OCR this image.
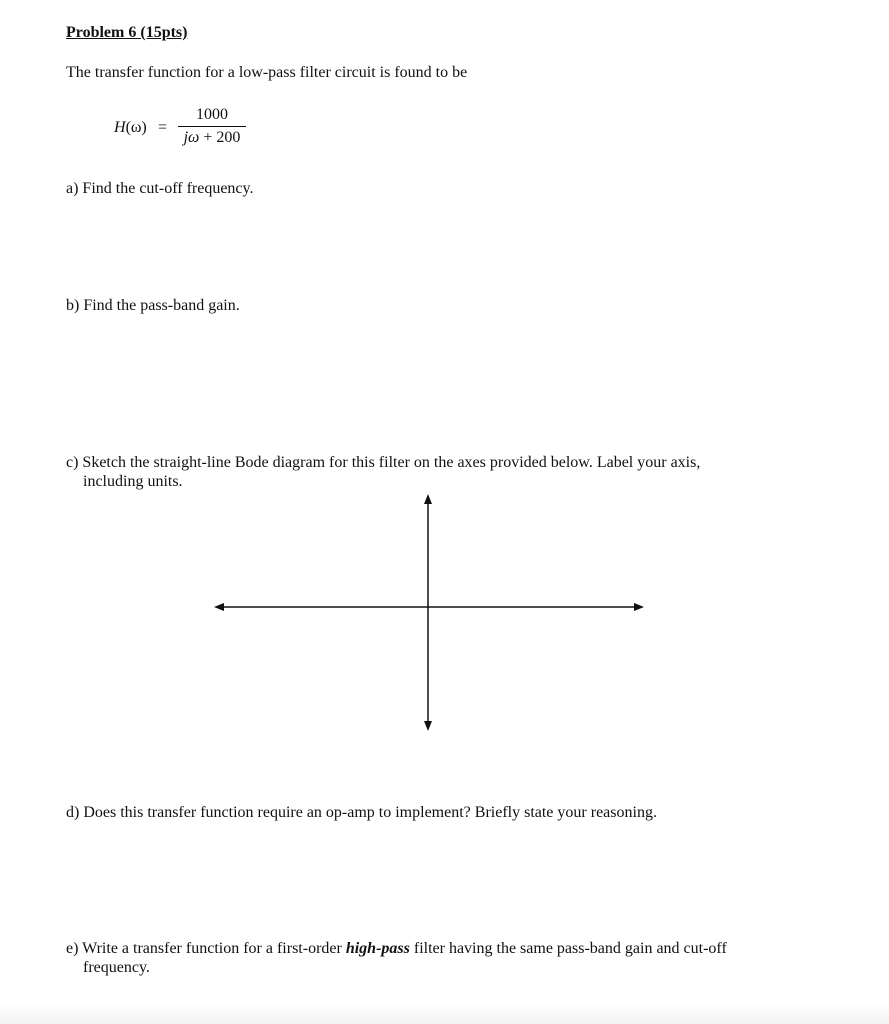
Problem 6 (15pts)
The transfer function for a low-pass filter circuit is found to be
H(ω) =
1000
jω + 200
a) Find the cut-off frequency.
b) Find the pass-band gain.
c) Sketch the straight-line Bode diagram for this filter on the axes provided below. Label your axis,
including units.
d) Does this transfer function require an op-amp to implement? Briefly state your reasoning.
e) Write a transfer function for a first-order high-pass filter having the same pass-band gain and cut-off
frequency.
